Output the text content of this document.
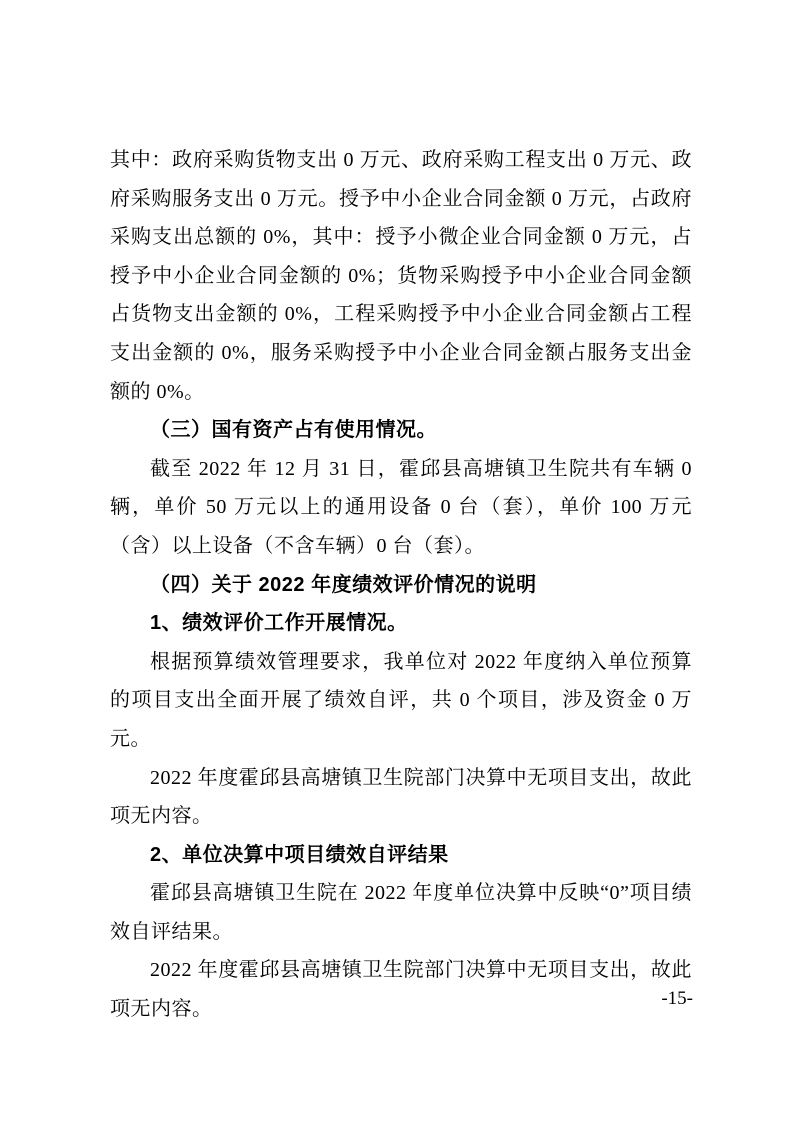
其中：政府采购货物支出 0 万元、政府采购工程支出 0 万元、政府采购服务支出 0 万元。授予中小企业合同金额 0 万元，占政府采购支出总额的 0%，其中：授予小微企业合同金额 0 万元，占授予中小企业合同金额的 0%；货物采购授予中小企业合同金额占货物支出金额的 0%，工程采购授予中小企业合同金额占工程支出金额的 0%，服务采购授予中小企业合同金额占服务支出金额的 0%。

（三）国有资产占有使用情况。

截至 2022 年 12 月 31 日，霍邱县高塘镇卫生院共有车辆 0 辆，单价 50 万元以上的通用设备 0 台（套），单价 100 万元（含）以上设备（不含车辆）0 台（套）。

（四）关于 2022 年度绩效评价情况的说明

1、绩效评价工作开展情况。

根据预算绩效管理要求，我单位对 2022 年度纳入单位预算的项目支出全面开展了绩效自评，共 0 个项目，涉及资金 0 万元。

2022 年度霍邱县高塘镇卫生院部门决算中无项目支出，故此项无内容。

2、单位决算中项目绩效自评结果

霍邱县高塘镇卫生院在 2022 年度单位决算中反映“0”项目绩效自评结果。

2022 年度霍邱县高塘镇卫生院部门决算中无项目支出，故此项无内容。	-15-
